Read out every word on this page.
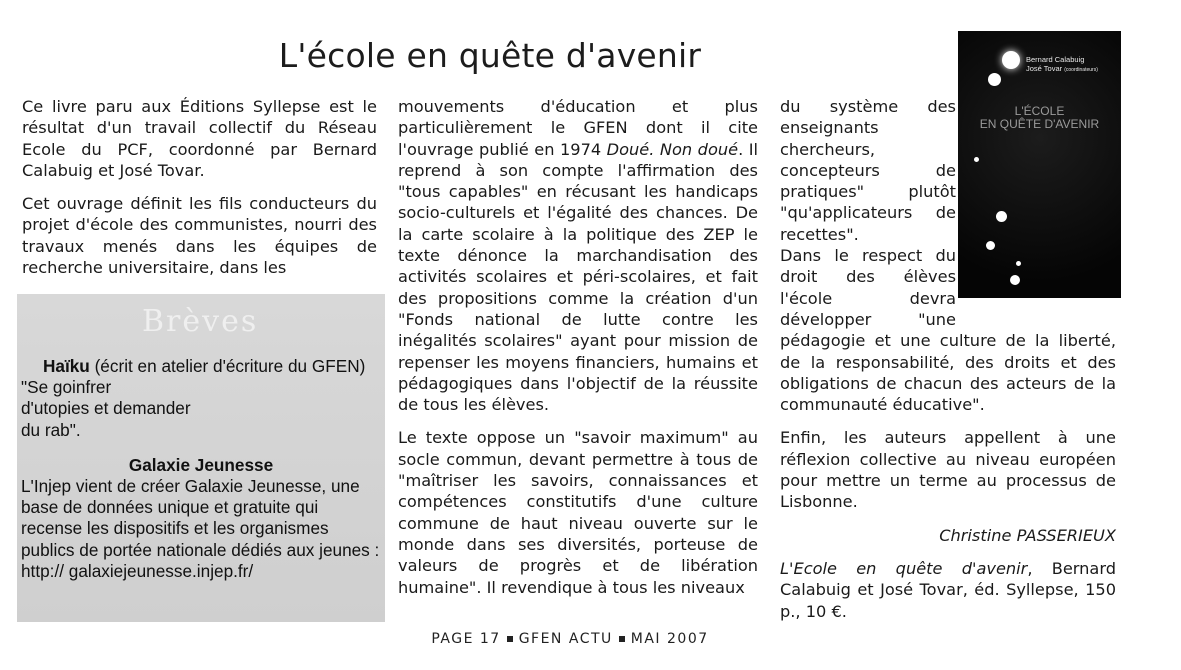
L'école en quête d'avenir

Ce livre paru aux Éditions Syllepse est le résultat d'un travail collectif du Réseau Ecole du PCF, coordonné par Bernard Calabuig et José Tovar.

Cet ouvrage définit les fils conducteurs du projet d'école des communistes, nourri des travaux menés dans les équipes de recherche universitaire, dans les

mouvements d'éducation et plus particulièrement le GFEN dont il cite l'ouvrage publié en 1974 Doué. Non doué. Il reprend à son compte l'affirmation des "tous capables" en récusant les handicaps socio-culturels et l'égalité des chances. De la carte scolaire à la politique des ZEP le texte dénonce la marchandisation des activités scolaires et péri-scolaires, et fait des propositions comme la création d'un "Fonds national de lutte contre les inégalités scolaires" ayant pour mission de repenser les moyens financiers, humains et pédagogiques dans l'objectif de la réussite de tous les élèves.

Le texte oppose un "savoir maximum" au socle commun, devant permettre à tous de "maîtriser les savoirs, connaissances et compétences constitutifs d'une culture commune de haut niveau ouverte sur le monde dans ses diversités, porteuse de valeurs de progrès et de libération humaine". Il revendique à tous les niveaux

du système des enseignants chercheurs, concepteurs de pratiques" plutôt "qu'applicateurs de recettes".

Dans le respect du droit des élèves l'école devra développer "une pédagogie et une culture de la liberté, de la responsabilité, des droits et des obligations de chacun des acteurs de la communauté éducative".

Enfin, les auteurs appellent à une réflexion collective au niveau européen pour mettre un terme au processus de Lisbonne.

Christine PASSERIEUX

L'Ecole en quête d'avenir, Bernard Calabuig et José Tovar, éd. Syllepse, 150 p., 10 €.

Bernard Calabuig
José Tovar (coordinateurs)
L'ÉCOLE
EN QUÊTE D'AVENIR
Brèves

Haïku (écrit en atelier d'écriture du GFEN)

"Se goinfrer

d'utopies et demander

du rab".

Galaxie Jeunesse

L'Injep vient de créer Galaxie Jeunesse, une base de données unique et gratuite qui recense les dispositifs et les organismes publics de portée nationale dédiés aux jeunes : http:// galaxiejeunesse.injep.fr/

PAGE 17 GFEN ACTU MAI 2007
